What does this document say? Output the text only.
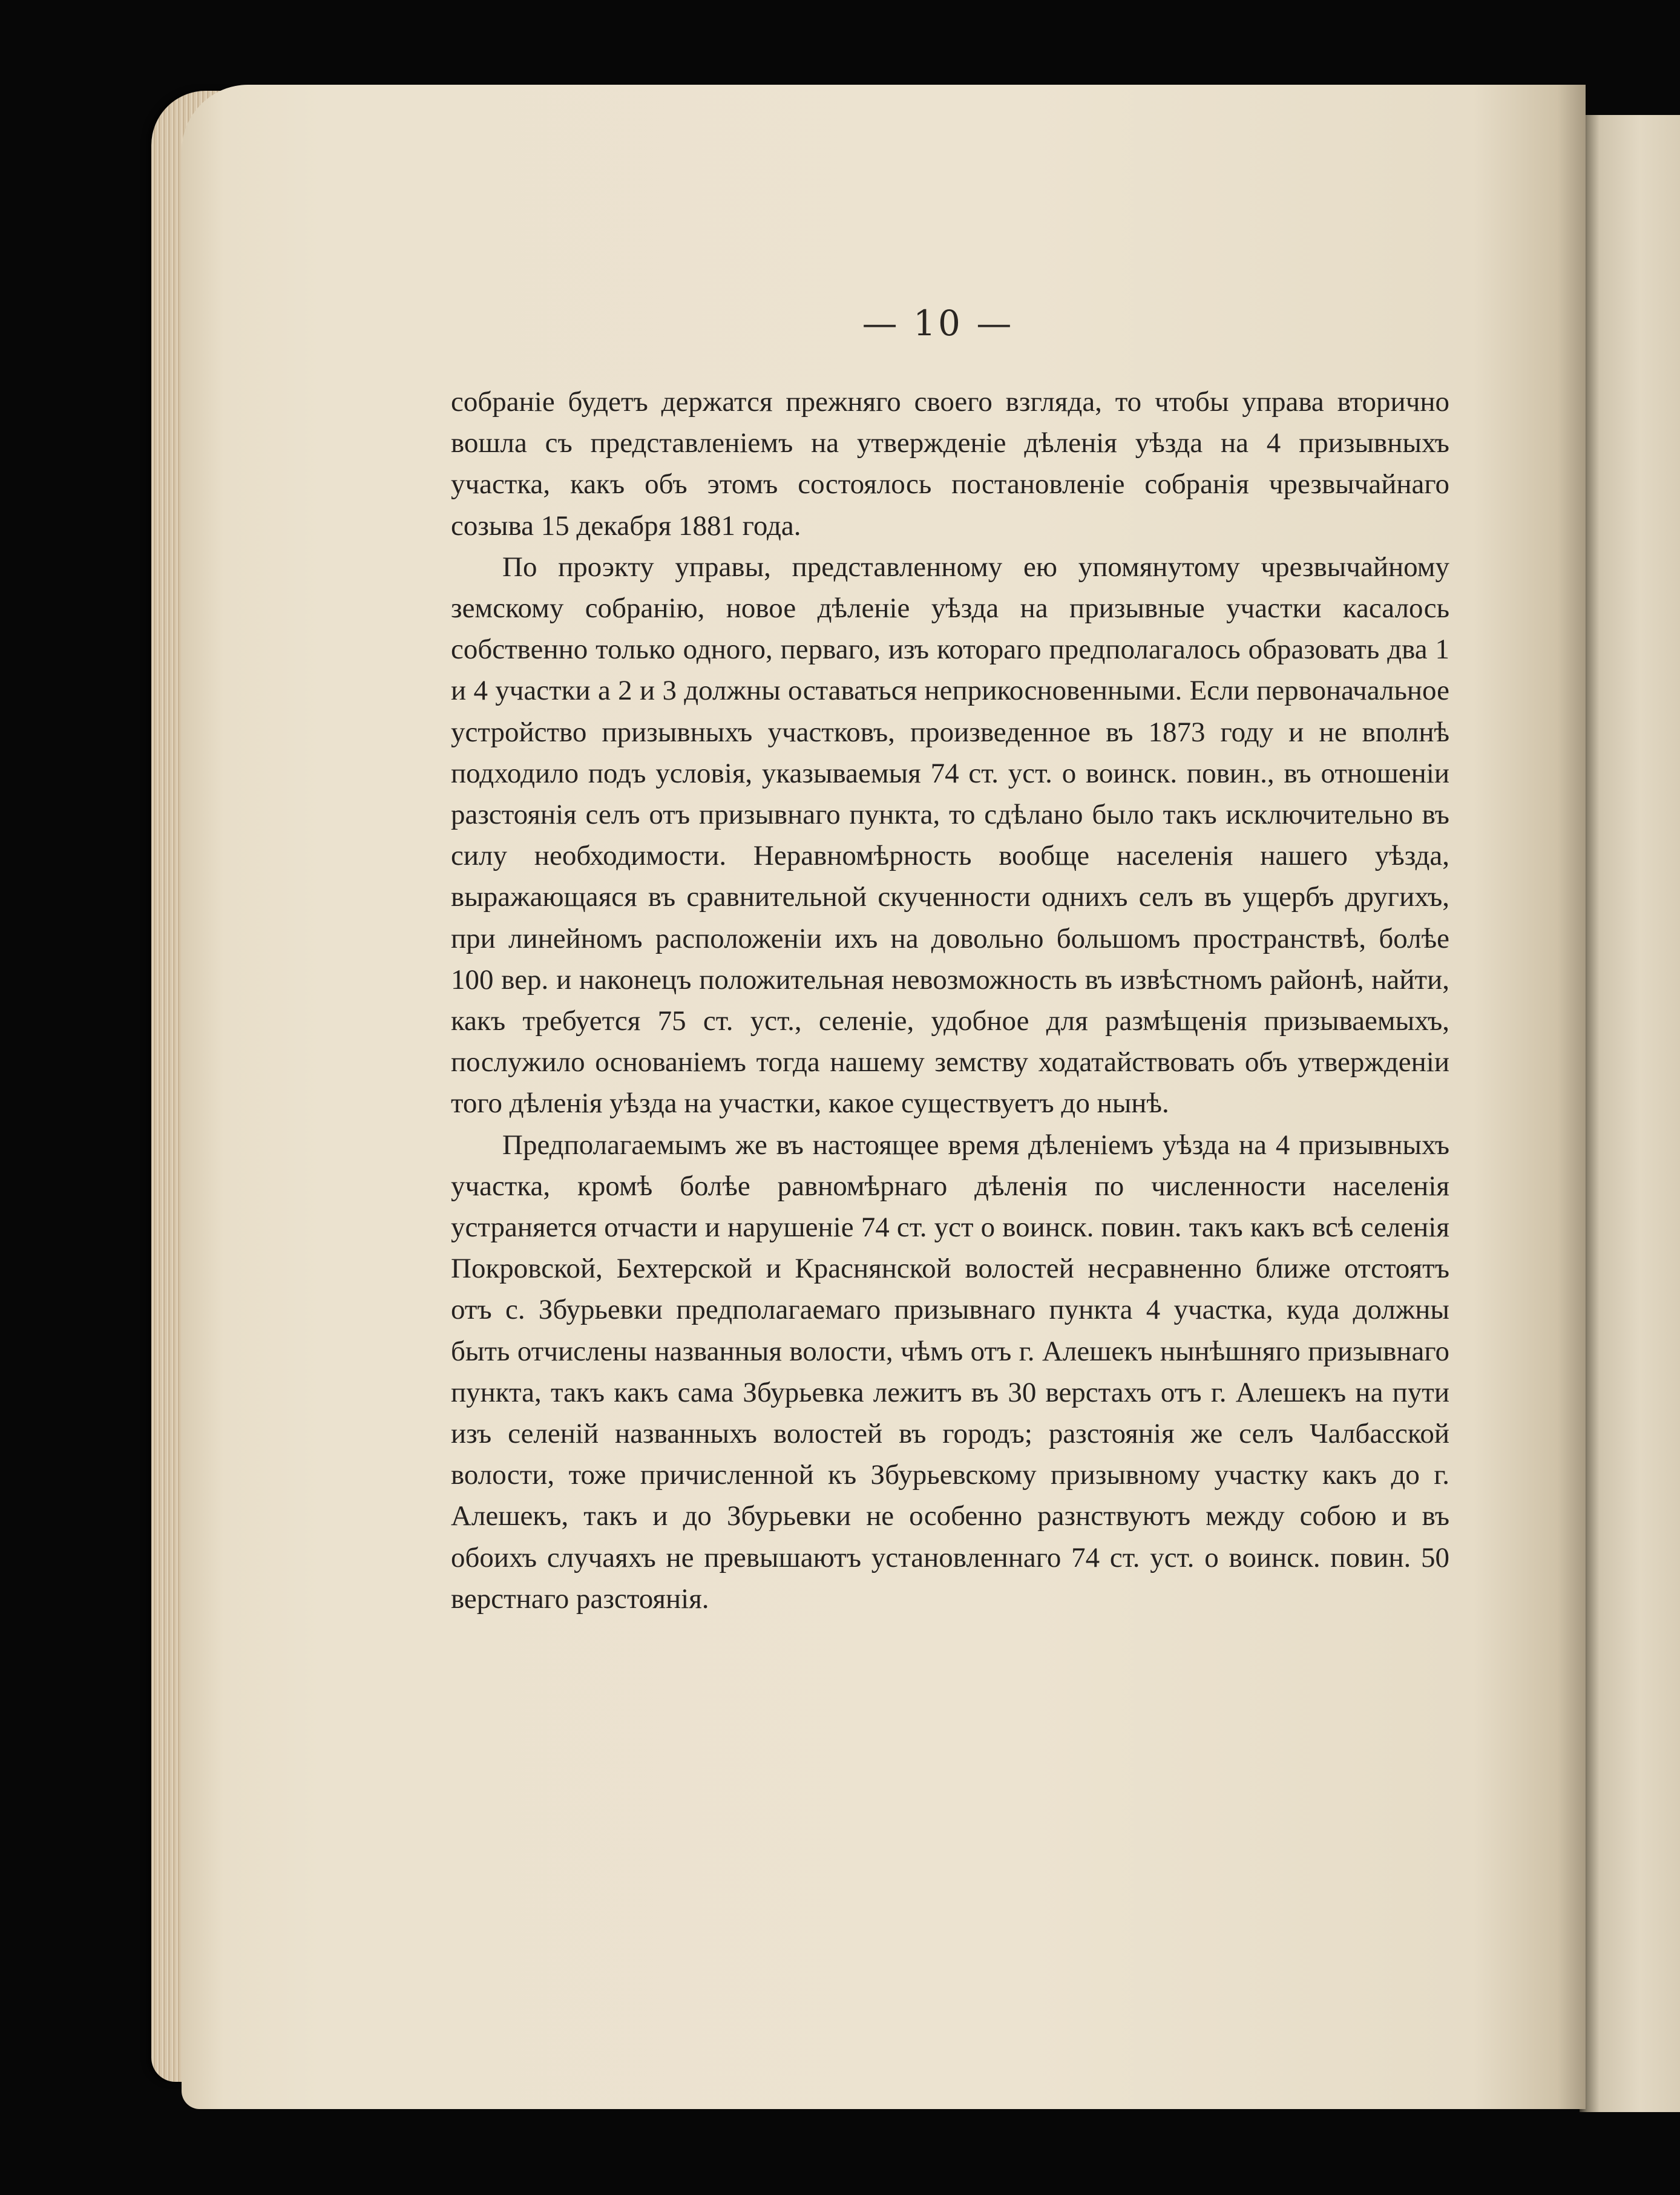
— 10 —

собранiе будетъ держатся прежняго своего взгляда, то чтобы управа вторично вошла съ представленiемъ на утвержденiе дѣленiя уѣзда на 4 призывныхъ участка, какъ объ этомъ состоялось постановленiе собранiя чрезвычайнаго созыва 15 декабря 1881 года.

По проэкту управы, представленному ею упомянутому чрезвычайному земскому собранiю, новое дѣленiе уѣзда на призывные участки касалось собственно только одного, перваго, изъ котораго предполагалось образовать два 1 и 4 участки а 2 и 3 должны оставаться неприкосновенными. Если первоначальное устройство призывныхъ участковъ, произведенное въ 1873 году и не вполнѣ подходило подъ условiя, указываемыя 74 ст. уст. о воинск. повин., въ отношенiи разстоянiя селъ отъ призывнаго пункта, то сдѣлано было такъ исключительно въ силу необходимости. Неравномѣрность вообще населенiя нашего уѣзда, выражающаяся въ сравнительной скученности однихъ селъ въ ущербъ другихъ, при линейномъ расположенiи ихъ на довольно большомъ пространствѣ, болѣе 100 вер. и наконецъ положительная невозможность въ извѣстномъ районѣ, найти, какъ требуется 75 ст. уст., селенiе, удобное для размѣщенiя призываемыхъ, послужило основанiемъ тогда нашему земству ходатайствовать объ утвержденiи того дѣленiя уѣзда на участки, какое существуетъ до нынѣ.

Предполагаемымъ же въ настоящее время дѣленiемъ уѣзда на 4 призывныхъ участка, кромѣ болѣе равномѣрнаго дѣленiя по численности населенiя устраняется отчасти и нарушенiе 74 ст. уст о воинск. повин. такъ какъ всѣ селенiя Покровской, Бехтерской и Краснянской волостей несравненно ближе отстоятъ отъ с. Збурьевки предполагаемаго призывнаго пункта 4 участка, куда должны быть отчислены названныя волости, чѣмъ отъ г. Алешекъ нынѣшняго призывнаго пункта, такъ какъ сама Збурьевка лежитъ въ 30 верстахъ отъ г. Алешекъ на пути изъ селенiй названныхъ волостей въ городъ; разстоянiя же селъ Чалбасской волости, тоже причисленной къ Збурьевскому призывному участку какъ до г. Алешекъ, такъ и до Збурьевки не особенно разнствуютъ между собою и въ обоихъ случаяхъ не превышаютъ установленнаго 74 ст. уст. о воинск. повин. 50 верстнаго разстоянiя.
